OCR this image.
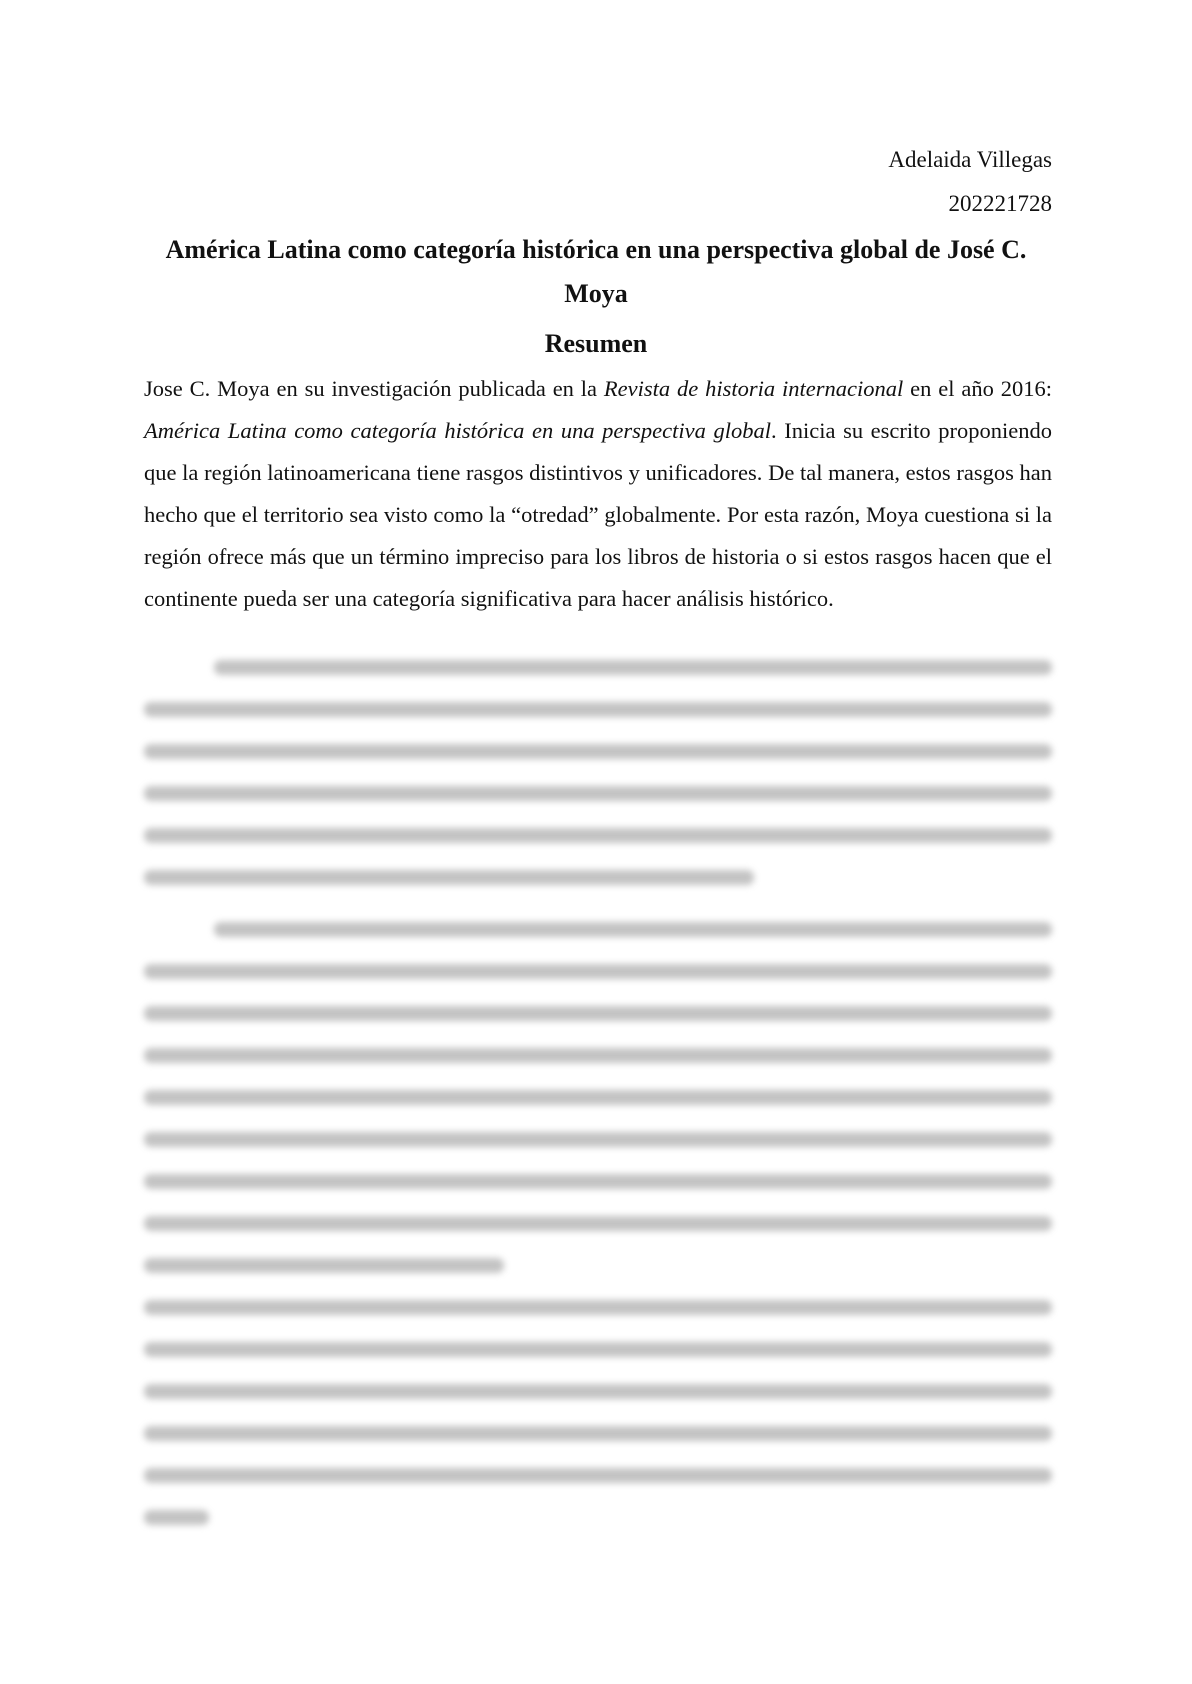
Adelaida Villegas
202221728
América Latina como categoría histórica en una perspectiva global de José C. Moya
Resumen

Jose C. Moya en su investigación publicada en la Revista de historia internacional en el año 2016: América Latina como categoría histórica en una perspectiva global. Inicia su escrito proponiendo que la región latinoamericana tiene rasgos distintivos y unificadores. De tal manera, estos rasgos han hecho que el territorio sea visto como la “otredad” globalmente. Por esta razón, Moya cuestiona si la región ofrece más que un término impreciso para los libros de historia o si estos rasgos hacen que el continente pueda ser una categoría significativa para hacer análisis histórico.
